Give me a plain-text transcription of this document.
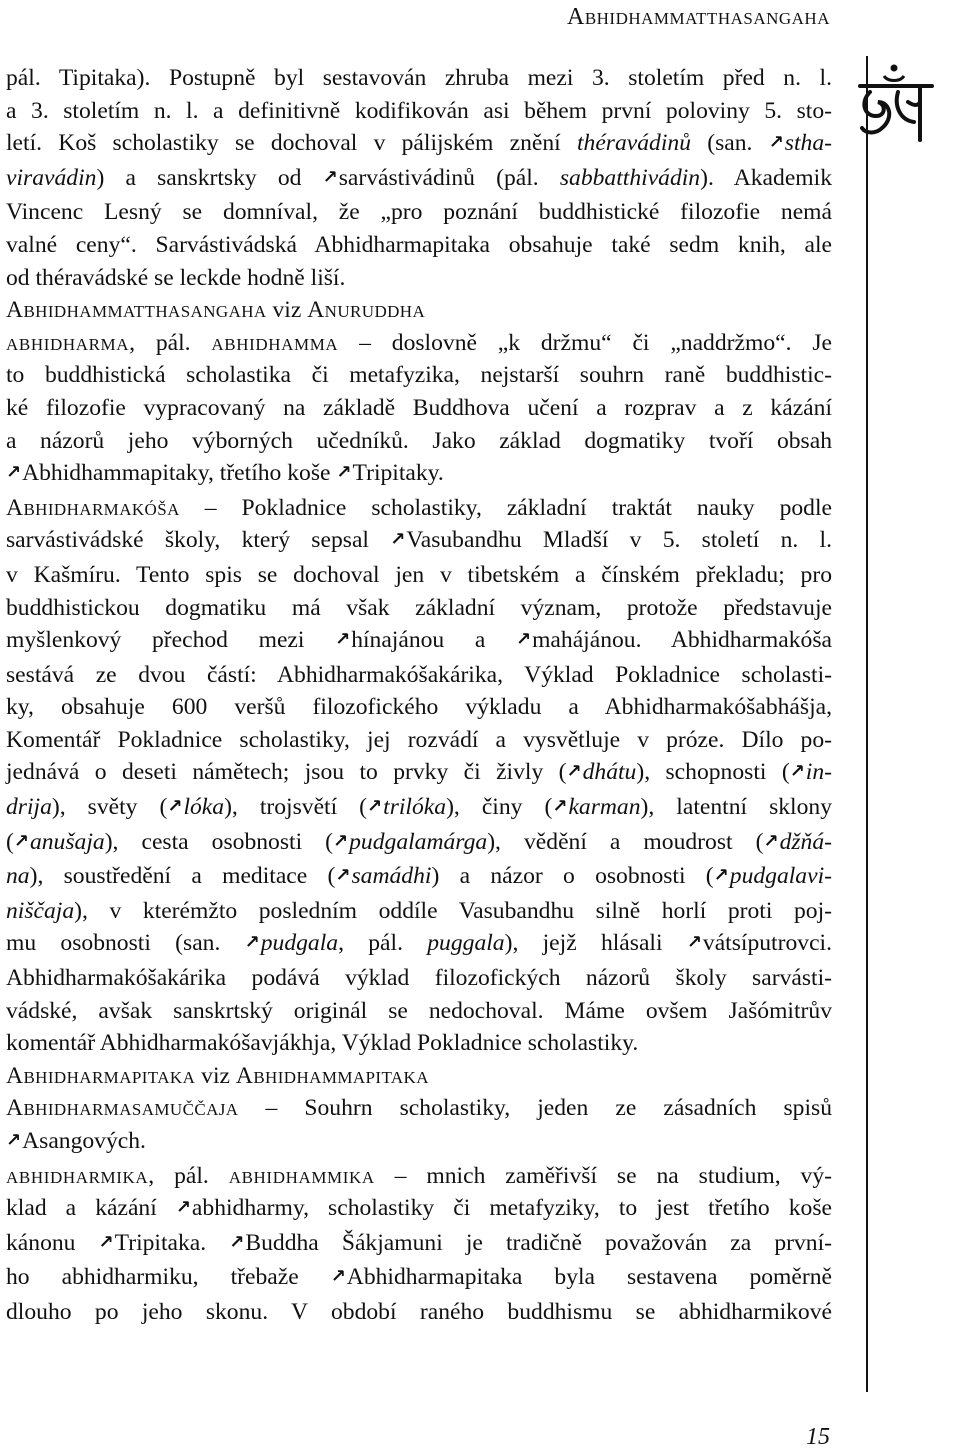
Abhidhammatthasangaha
pál. Tipitaka). Postupně byl sestavován zhruba mezi 3. stoletím před n. l.
a 3. stoletím n. l. a definitivně kodifikován asi během první poloviny 5. sto-
letí. Koš scholastiky se dochoval v pálijském znění théravádinů (san. ↗stha-
viravádin) a sanskrtsky od ↗sarvástivádinů (pál. sabbatthivádin). Akademik
Vincenc Lesný se domníval, že „pro poznání buddhistické filozofie nemá
valné ceny“. Sarvástivádská Abhidharmapitaka obsahuje také sedm knih, ale
od théravádské se leckde hodně liší.
Abhidhammatthasangaha viz Anuruddha
abhidharma, pál. abhidhamma – doslovně „k držmu“ či „naddržmo“. Je
to buddhistická scholastika či metafyzika, nejstarší souhrn raně buddhistic-
ké filozofie vypracovaný na základě Buddhova učení a rozprav a z kázání
a názorů jeho výborných učedníků. Jako základ dogmatiky tvoří obsah
↗Abhidhammapitaky, třetího koše ↗Tripitaky.
Abhidharmakóša – Pokladnice scholastiky, základní traktát nauky podle
sarvástivádské školy, který sepsal ↗Vasubandhu Mladší v 5. století n. l.
v Kašmíru. Tento spis se dochoval jen v tibetském a čínském překladu; pro
buddhistickou dogmatiku má však základní význam, protože představuje
myšlenkový přechod mezi ↗hínajánou a ↗mahájánou. Abhidharmakóša
sestává ze dvou částí: Abhidharmakóšakárika, Výklad Pokladnice scholasti-
ky, obsahuje 600 veršů filozofického výkladu a Abhidharmakóšabhášja,
Komentář Pokladnice scholastiky, jej rozvádí a vysvětluje v próze. Dílo po-
jednává o deseti námětech; jsou to prvky či živly (↗dhátu), schopnosti (↗in-
drija), světy (↗lóka), trojsvětí (↗trilóka), činy (↗karman), latentní sklony
(↗anušaja), cesta osobnosti (↗pudgalamárga), vědění a moudrost (↗džňá-
na), soustředění a meditace (↗samádhi) a názor o osobnosti (↗pudgalavi-
niščaja), v kterémžto posledním oddíle Vasubandhu silně horlí proti poj-
mu osobnosti (san. ↗pudgala, pál. puggala), jejž hlásali ↗vátsíputrovci.
Abhidharmakóšakárika podává výklad filozofických názorů školy sarvásti-
vádské, avšak sanskrtský originál se nedochoval. Máme ovšem Jašómitrův
komentář Abhidharmakóšavjákhja, Výklad Pokladnice scholastiky.
Abhidharmapitaka viz Abhidhammapitaka
Abhidharmasamuččaja – Souhrn scholastiky, jeden ze zásadních spisů
↗Asangových.
abhidharmika, pál. abhidhammika – mnich zaměřivší se na studium, vý-
klad a kázání ↗abhidharmy, scholastiky či metafyziky, to jest třetího koše
kánonu ↗Tripitaka. ↗Buddha Šákjamuni je tradičně považován za první-
ho abhidharmiku, třebaže ↗Abhidharmapitaka byla sestavena poměrně
dlouho po jeho skonu. V období raného buddhismu se abhidharmikové
15
